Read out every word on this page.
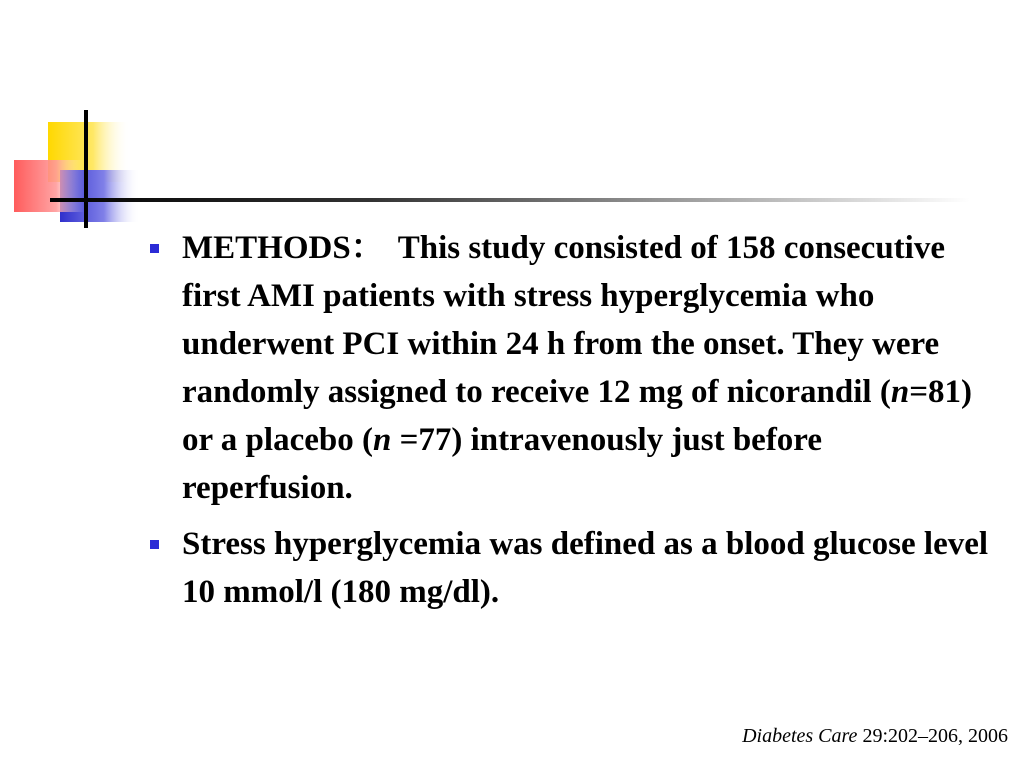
METHODS： This study consisted of 158 consecutive first AMI patients with stress hyperglycemia who underwent PCI within 24 h from the onset. They were randomly assigned to receive 12 mg of nicorandil (n=81) or a placebo (n =77) intravenously just before reperfusion.
Stress hyperglycemia was defined as a blood glucose level 10 mmol/l (180 mg/dl).
Diabetes Care 29:202–206, 2006
